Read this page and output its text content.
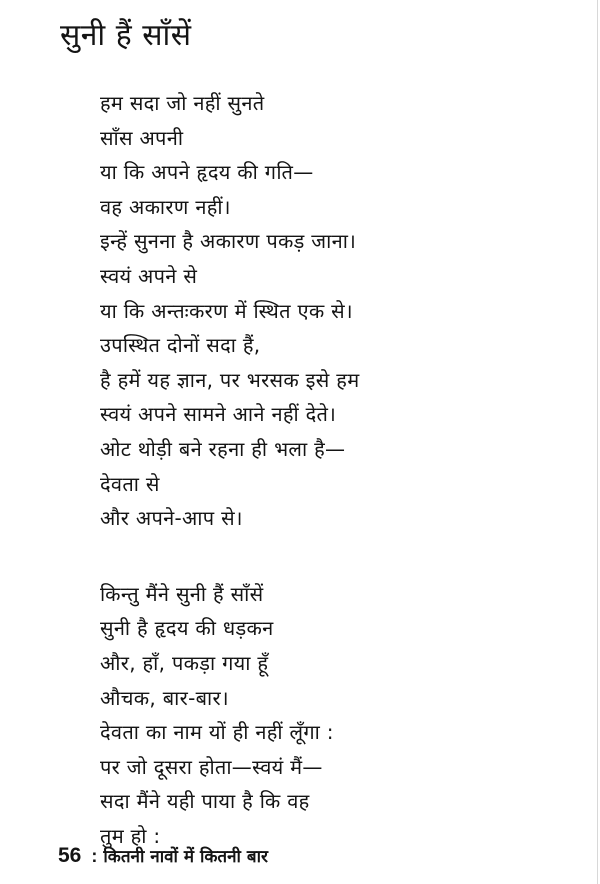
सुनी हैं साँसें
हम सदा जो नहीं सुनते
साँस अपनी
या कि अपने हृदय की गति—
वह अकारण नहीं।
इन्हें सुनना है अकारण पकड़ जाना।
स्वयं अपने से
या कि अन्तःकरण में स्थित एक से।
उपस्थित दोनों सदा हैं,
है हमें यह ज्ञान, पर भरसक इसे हम
स्वयं अपने सामने आने नहीं देते।
ओट थोड़ी बने रहना ही भला है—
देवता से
और अपने-आप से।
किन्तु मैंने सुनी हैं साँसें
सुनी है हृदय की धड़कन
और, हाँ, पकड़ा गया हूँ
औचक, बार-बार।
देवता का नाम यों ही नहीं लूँगा :
पर जो दूसरा होता—स्वयं मैं—
सदा मैंने यही पाया है कि वह
तुम हो :
56 : कितनी नावों में कितनी बार
